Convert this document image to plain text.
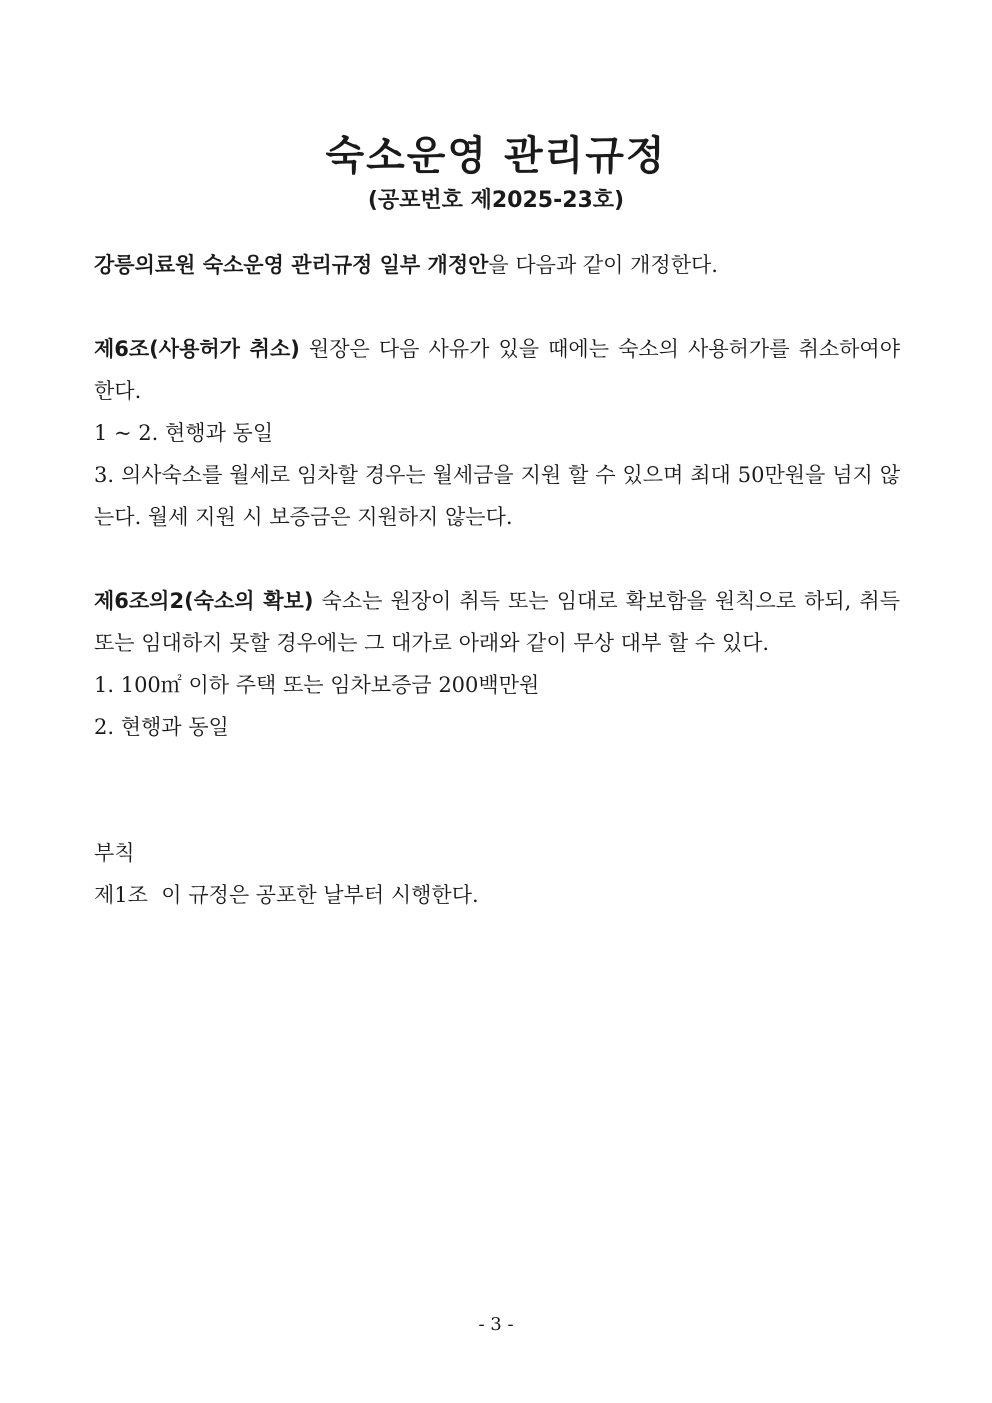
숙소운영 관리규정
(공포번호 제2025-23호)

강릉의료원 숙소운영 관리규정 일부 개정안을 다음과 같이 개정한다.

제6조(사용허가 취소) 원장은 다음 사유가 있을 때에는 숙소의 사용허가를 취소하여야 한다.

1 ~ 2. 현행과 동일

3. 의사숙소를 월세로 임차할 경우는 월세금을 지원 할 수 있으며 최대 50만원을 넘지 않는다. 월세 지원 시 보증금은 지원하지 않는다.

제6조의2(숙소의 확보) 숙소는 원장이 취득 또는 임대로 확보함을 원칙으로 하되, 취득 또는 임대하지 못할 경우에는 그 대가로 아래와 같이 무상 대부 할 수 있다.

1. 100㎡ 이하 주택 또는 임차보증금 200백만원

2. 현행과 동일

부칙

제1조  이 규정은 공포한 날부터 시행한다.

- 3 -
